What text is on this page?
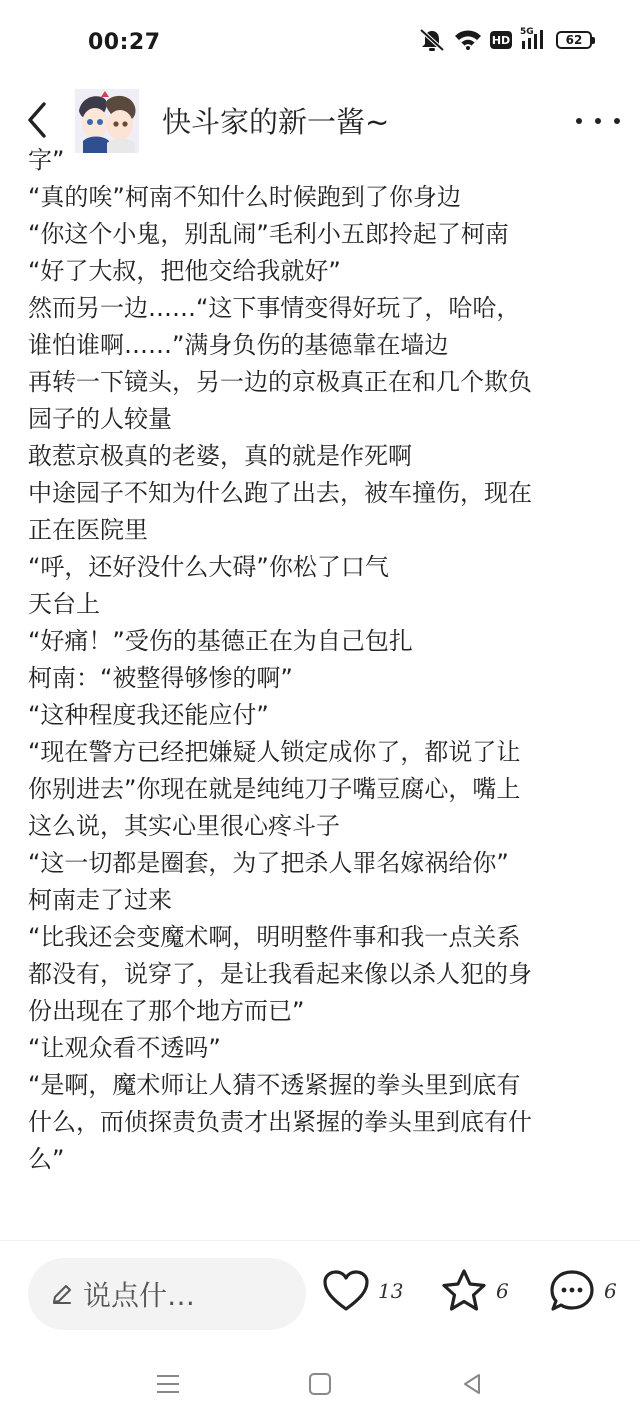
00:27	HD
5G
62
快斗家的新一酱~

字”

“真的唉”柯南不知什么时候跑到了你身边

“你这个小鬼，别乱闹”毛利小五郎拎起了柯南

“好了大叔，把他交给我就好”

然而另一边……“这下事情变得好玩了，哈哈，

谁怕谁啊……”满身负伤的基德靠在墙边

再转一下镜头，另一边的京极真正在和几个欺负

园子的人较量

敢惹京极真的老婆，真的就是作死啊

中途园子不知为什么跑了出去，被车撞伤，现在

正在医院里

“呼，还好没什么大碍”你松了口气

天台上

“好痛！”受伤的基德正在为自己包扎

柯南：“被整得够惨的啊”

“这种程度我还能应付”

“现在警方已经把嫌疑人锁定成你了，都说了让

你别进去”你现在就是纯纯刀子嘴豆腐心，嘴上

这么说，其实心里很心疼斗子

“这一切都是圈套，为了把杀人罪名嫁祸给你”

柯南走了过来

“比我还会变魔术啊，明明整件事和我一点关系

都没有，说穿了，是让我看起来像以杀人犯的身

份出现在了那个地方而已”

“让观众看不透吗”

“是啊，魔术师让人猜不透紧握的拳头里到底有

什么，而侦探责负责才出紧握的拳头里到底有什

么”

说点什…	13	6	6
